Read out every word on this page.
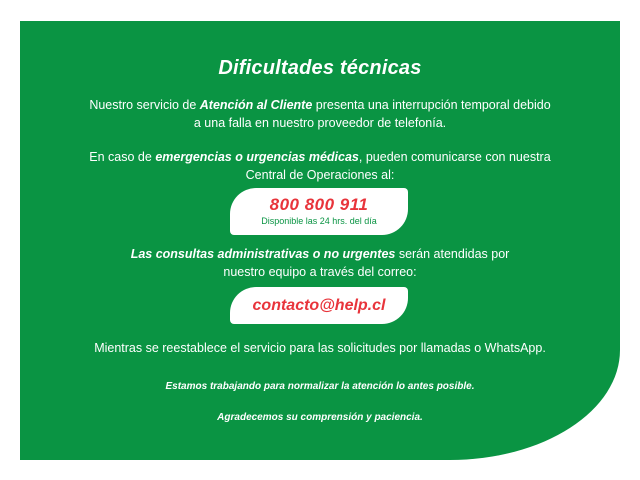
Dificultades técnicas
Nuestro servicio de Atención al Cliente presenta una interrupción temporal debido
a una falla en nuestro proveedor de telefonía.
En caso de emergencias o urgencias médicas, pueden comunicarse con nuestra
Central de Operaciones al:
800 800 911
Disponible las 24 hrs. del día
Las consultas administrativas o no urgentes serán atendidas por
nuestro equipo a través del correo:
contacto@help.cl
Mientras se reestablece el servicio para las solicitudes por llamadas o WhatsApp.
Estamos trabajando para normalizar la atención lo antes posible.
Agradecemos su comprensión y paciencia.
